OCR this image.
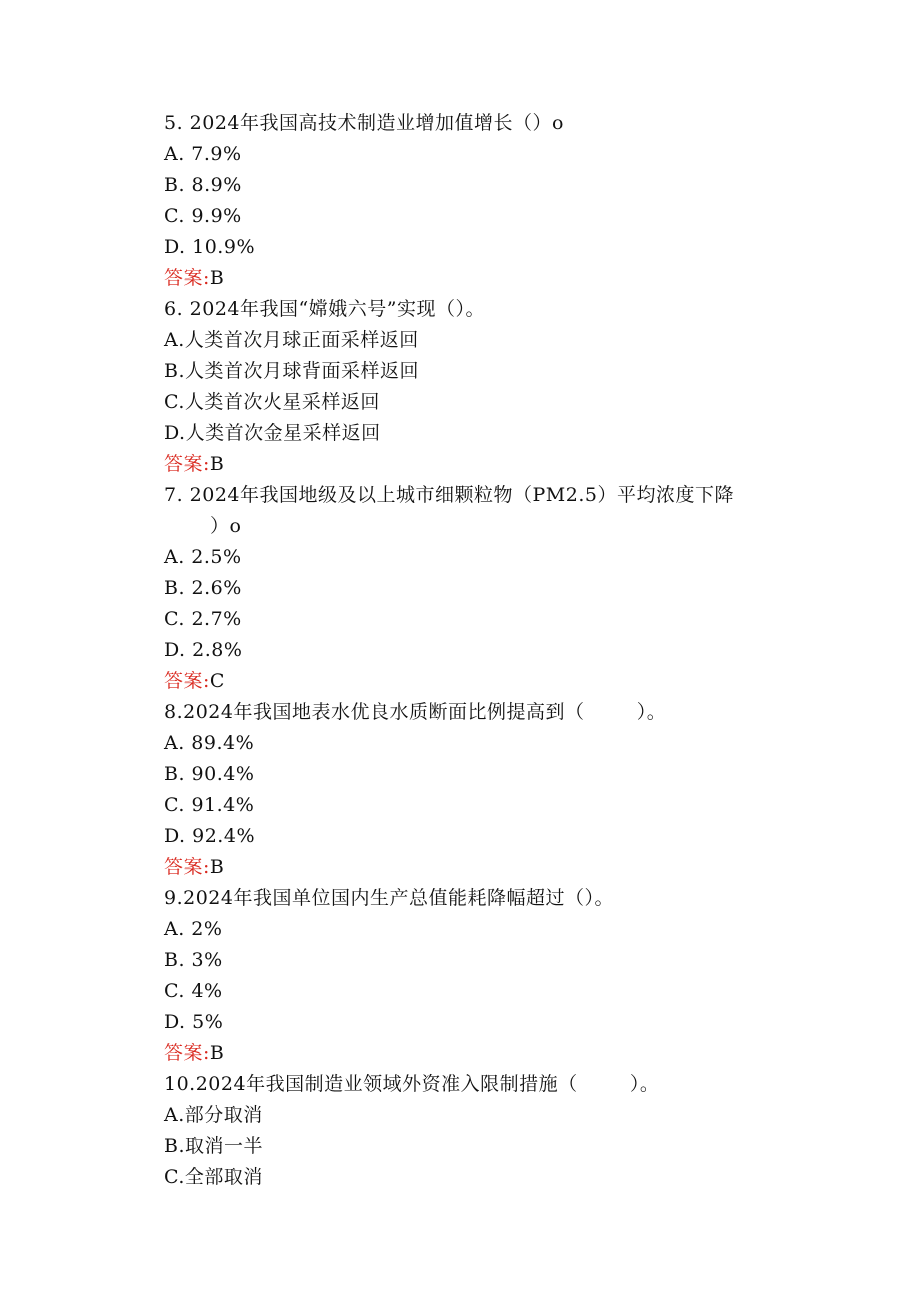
5. 2024年我国高技术制造业增加值增长（）o
A. 7.9%
B. 8.9%
C. 9.9%
D. 10.9%
答案:B
6. 2024年我国“嫦娥六号”实现（）。
A.人类首次月球正面采样返回
B.人类首次月球背面采样返回
C.人类首次火星采样返回
D.人类首次金星采样返回
答案:B
7. 2024年我国地级及以上城市细颗粒物（PM2.5）平均浓度下降
）o
A. 2.5%
B. 2.6%
C. 2.7%
D. 2.8%
答案:C
8.2024年我国地表水优良水质断面比例提高到（        ）。
A. 89.4%
B. 90.4%
C. 91.4%
D. 92.4%
答案:B
9.2024年我国单位国内生产总值能耗降幅超过（）。
A. 2%
B. 3%
C. 4%
D. 5%
答案:B
10.2024年我国制造业领域外资准入限制措施（        ）。
A.部分取消
B.取消一半
C.全部取消
